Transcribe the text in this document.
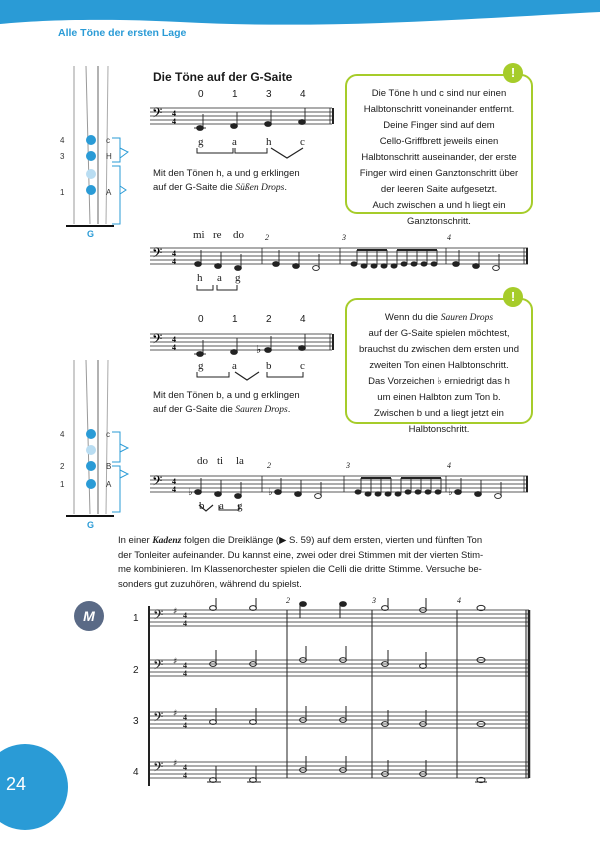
Alle Töne der ersten Lage
4
3
1
c
H
A
G
Die Töne auf der G-Saite
0	1	3	4
𝄢 4
4
g	a	h	c
Mit den Tönen h, a und g erklingen
auf der G-Saite die Süßen Drops.
Die Töne h und c sind nur einen
Halbtonschritt voneinander entfernt.
Deine Finger sind auf dem
Cello-Griffbrett jeweils einen
Halbtonschritt auseinander, der erste
Finger wird einen Ganztonschritt über
der leeren Saite aufgesetzt.
Auch zwischen a und h liegt ein
Ganztonschritt.
!
mi re do	2	3	4
𝄢 4
4
h a g
0	1	2	4
𝄢 4
4	♭
g	a	b	c
Mit den Tönen b, a und g erklingen
auf der G-Saite die Sauren Drops.
Wenn du die Sauren Drops
auf der G-Saite spielen möchtest,
brauchst du zwischen dem ersten und
zweiten Ton einen Halbtonschritt.
Das Vorzeichen ♭ erniedrigt das h
um einen Halbton zum Ton b.
Zwischen b und a liegt jetzt ein
Halbtonschritt.
!
4
2
1
c
B
A
G
do ti la	2	3	4
𝄢 4
4 ♭	♭	♭
b a g
In einer Kadenz folgen die Dreiklänge (▶ S. 59) auf dem ersten, vierten und fünften Ton
der Tonleiter aufeinander. Du kannst eine, zwei oder drei Stimmen mit der vierten Stim-
me kombinieren. Im Klassenorchester spielen die Celli die dritte Stimme. Versuche be-
sonders gut zuzuhören, während du spielst.
M	1
2
3
4
2	3	4
𝄢
𝄢
𝄢
𝄢
♯
♯
♯
♯
4
4
4
4
4
4
4
4
24
